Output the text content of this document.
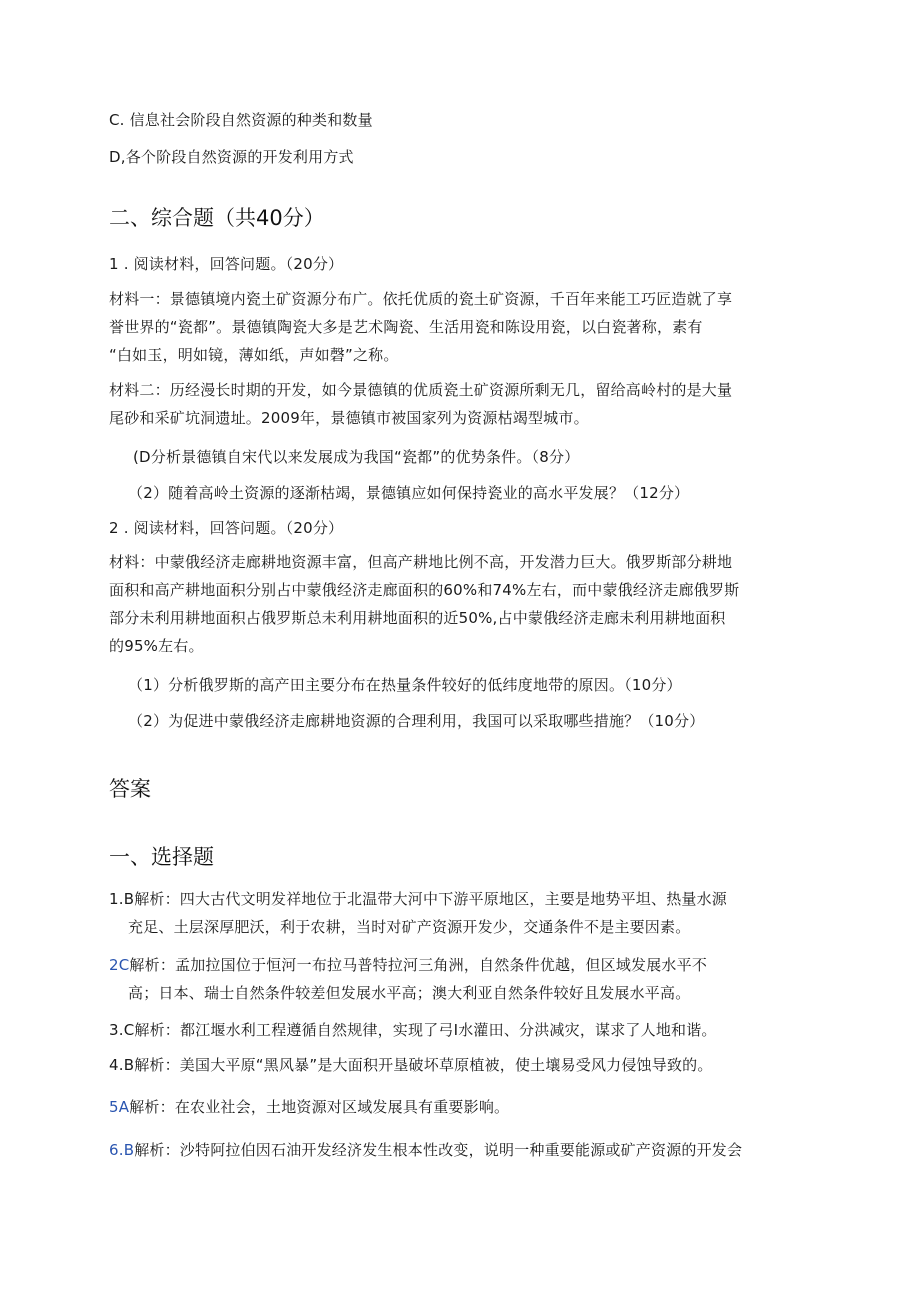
C. 信息社会阶段自然资源的种类和数量
D,各个阶段自然资源的开发利用方式
二、综合题（共40分）
1 . 阅读材料，回答问题。（20分）
材料一：景德镇境内瓷土矿资源分布广。依托优质的瓷土矿资源，千百年来能工巧匠造就了享
誉世界的“瓷都”。景德镇陶瓷大多是艺术陶瓷、生活用瓷和陈设用瓷，以白瓷著称，素有
“白如玉，明如镜，薄如纸，声如磬”之称。
材料二：历经漫长时期的开发，如今景德镇的优质瓷土矿资源所剩无几，留给高岭村的是大量
尾砂和采矿坑洞遗址。2009年，景德镇市被国家列为资源枯竭型城市。
(D分析景德镇自宋代以来发展成为我国“瓷都”的优势条件。（8分）
（2）随着高岭土资源的逐渐枯竭，景德镇应如何保持瓷业的高水平发展？（12分）
2 . 阅读材料，回答问题。（20分）
材料：中蒙俄经济走廊耕地资源丰富，但高产耕地比例不高，开发潜力巨大。俄罗斯部分耕地
面积和高产耕地面积分别占中蒙俄经济走廊面积的60%和74%左右，而中蒙俄经济走廊俄罗斯
部分未利用耕地面积占俄罗斯总未利用耕地面积的近50%,占中蒙俄经济走廊未利用耕地面积
的95%左右。
（1）分析俄罗斯的高产田主要分布在热量条件较好的低纬度地带的原因。（10分）
（2）为促进中蒙俄经济走廊耕地资源的合理利用，我国可以采取哪些措施？（10分）
答案
一、选择题
1.B解析：四大古代文明发祥地位于北温带大河中下游平原地区，主要是地势平坦、热量水源
充足、土层深厚肥沃，利于农耕，当时对矿产资源开发少，交通条件不是主要因素。
2C解析：孟加拉国位于恒河一布拉马普特拉河三角洲，自然条件优越，但区域发展水平不
高；日本、瑞士自然条件较差但发展水平高；澳大利亚自然条件较好且发展水平高。
3.C解析：都江堰水利工程遵循自然规律，实现了弓I水灌田、分洪减灾，谋求了人地和谐。
4.B解析：美国大平原“黑风暴”是大面积开垦破坏草原植被，使土壤易受风力侵蚀导致的。
5A解析：在农业社会，土地资源对区域发展具有重要影响。
6.B解析：沙特阿拉伯因石油开发经济发生根本性改变，说明一种重要能源或矿产资源的开发会
